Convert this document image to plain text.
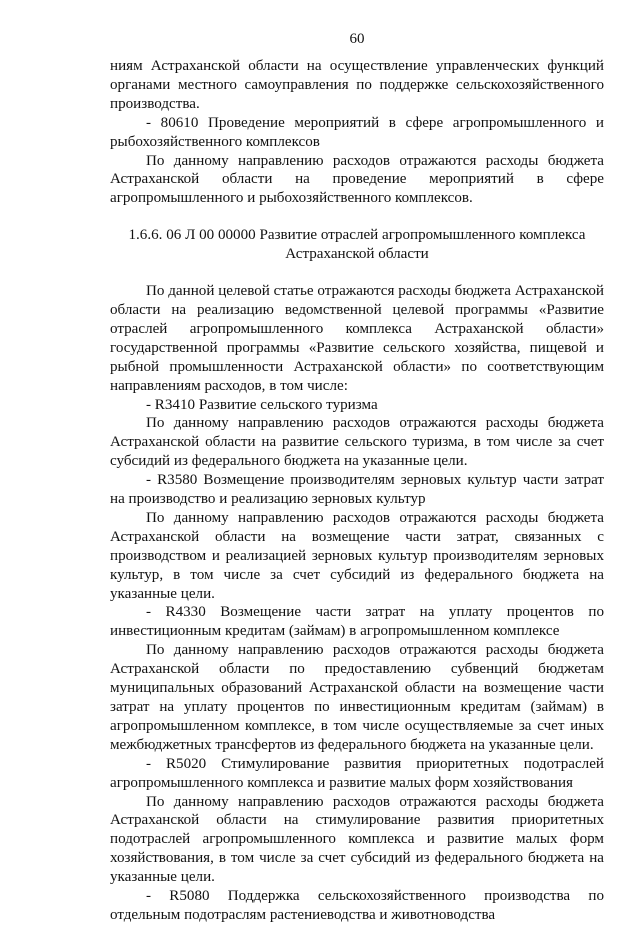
60

ниям Астраханской области на осуществление управленческих функций органами местного самоуправления по поддержке сельскохозяйственного производства.

- 80610 Проведение мероприятий в сфере агропромышленного и рыбохозяйственного комплексов

По данному направлению расходов отражаются расходы бюджета Астраханской области на проведение мероприятий в сфере агропромышленного и рыбохозяйственного комплексов.

1.6.6. 06 Л 00 00000 Развитие отраслей агропромышленного комплекса Астраханской области

По данной целевой статье отражаются расходы бюджета Астраханской области на реализацию ведомственной целевой программы «Развитие отраслей агропромышленного комплекса Астраханской области» государственной программы «Развитие сельского хозяйства, пищевой и рыбной промышленности Астраханской области» по соответствующим направлениям расходов, в том числе:

- R3410 Развитие сельского туризма

По данному направлению расходов отражаются расходы бюджета Астраханской области на развитие сельского туризма, в том числе за счет субсидий из федерального бюджета на указанные цели.

- R3580 Возмещение производителям зерновых культур части затрат на производство и реализацию зерновых культур

По данному направлению расходов отражаются расходы бюджета Астраханской области на возмещение части затрат, связанных с производством и реализацией зерновых культур производителям зерновых культур, в том числе за счет субсидий из федерального бюджета на указанные цели.

- R4330 Возмещение части затрат на уплату процентов по инвестиционным кредитам (займам) в агропромышленном комплексе

По данному направлению расходов отражаются расходы бюджета Астраханской области по предоставлению субвенций бюджетам муниципальных образований Астраханской области на возмещение части затрат на уплату процентов по инвестиционным кредитам (займам) в агропромышленном комплексе, в том числе осуществляемые за счет иных межбюджетных трансфертов из федерального бюджета на указанные цели.

- R5020 Стимулирование развития приоритетных подотраслей агропромышленного комплекса и развитие малых форм хозяйствования

По данному направлению расходов отражаются расходы бюджета Астраханской области на стимулирование развития приоритетных подотраслей агропромышленного комплекса и развитие малых форм хозяйствования, в том числе за счет субсидий из федерального бюджета на указанные цели.

- R5080 Поддержка сельскохозяйственного производства по отдельным подотраслям растениеводства и животноводства
